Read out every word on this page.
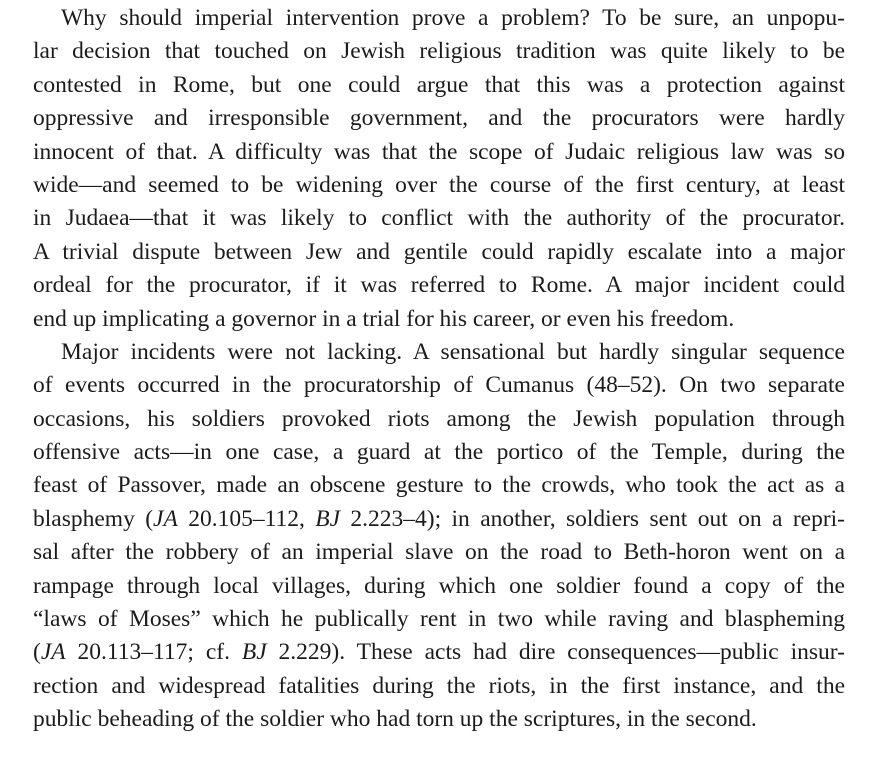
Why should imperial intervention prove a problem? To be sure, an unpopu-
lar decision that touched on Jewish religious tradition was quite likely to be
contested in Rome, but one could argue that this was a protection against
oppressive and irresponsible government, and the procurators were hardly
innocent of that. A difficulty was that the scope of Judaic religious law was so
wide—and seemed to be widening over the course of the first century, at least
in Judaea—that it was likely to conflict with the authority of the procurator.
A trivial dispute between Jew and gentile could rapidly escalate into a major
ordeal for the procurator, if it was referred to Rome. A major incident could
end up implicating a governor in a trial for his career, or even his freedom.
Major incidents were not lacking. A sensational but hardly singular sequence
of events occurred in the procuratorship of Cumanus (48–52). On two separate
occasions, his soldiers provoked riots among the Jewish population through
offensive acts—in one case, a guard at the portico of the Temple, during the
feast of Passover, made an obscene gesture to the crowds, who took the act as a
blasphemy (JA 20.105–112, BJ 2.223–4); in another, soldiers sent out on a repri-
sal after the robbery of an imperial slave on the road to Beth-horon went on a
rampage through local villages, during which one soldier found a copy of the
“laws of Moses” which he publically rent in two while raving and blaspheming
(JA 20.113–117; cf. BJ 2.229). These acts had dire consequences—public insur-
rection and widespread fatalities during the riots, in the first instance, and the
public beheading of the soldier who had torn up the scriptures, in the second.
